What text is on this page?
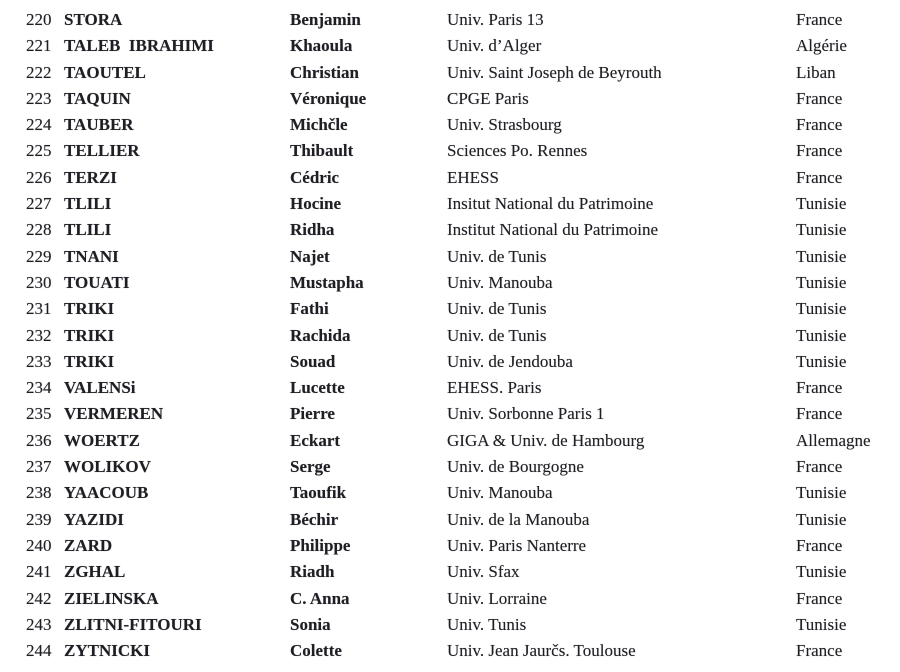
220 STORA	Benjamin	Univ. Paris 13	France
221 TALEB  IBRAHIMI	Khaoula	Univ. d’Alger	Algérie
222 TAOUTEL	Christian	Univ. Saint Joseph de Beyrouth	Liban
223 TAQUIN	Véronique	CPGE Paris	France
224 TAUBER	Michčle	Univ. Strasbourg	France
225 TELLIER	Thibault	Sciences Po. Rennes	France
226 TERZI	Cédric	EHESS	France
227 TLILI	Hocine	Insitut National du Patrimoine	Tunisie
228 TLILI	Ridha	Institut National du Patrimoine	Tunisie
229 TNANI	Najet	Univ. de Tunis	Tunisie
230 TOUATI	Mustapha	Univ. Manouba	Tunisie
231 TRIKI	Fathi	Univ. de Tunis	Tunisie
232 TRIKI	Rachida	Univ. de Tunis	Tunisie
233 TRIKI	Souad	Univ. de Jendouba	Tunisie
234 VALENSi	Lucette	EHESS. Paris	France
235 VERMEREN	Pierre	Univ. Sorbonne Paris 1	France
236 WOERTZ	Eckart	GIGA & Univ. de Hambourg	Allemagne
237 WOLIKOV	Serge	Univ. de Bourgogne	France
238 YAACOUB	Taoufik	Univ. Manouba	Tunisie
239 YAZIDI	Béchir	Univ. de la Manouba	Tunisie
240 ZARD	Philippe	Univ. Paris Nanterre	France
241 ZGHAL	Riadh	Univ. Sfax	Tunisie
242 ZIELINSKA	C. Anna	Univ. Lorraine	France
243 ZLITNI-FITOURI	Sonia	Univ. Tunis	Tunisie
244 ZYTNICKI	Colette	Univ. Jean Jaurčs. Toulouse	France
